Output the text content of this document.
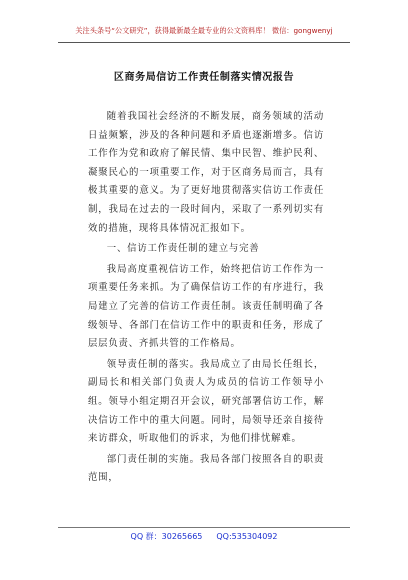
关注头条号“公文研究”，获得最新最全最专业的公文资料库！ 微信：gongwenyj
区商务局信访工作责任制落实情况报告

随着我国社会经济的不断发展，商务领域的活动日益频繁，涉及的各种问题和矛盾也逐渐增多。信访工作作为党和政府了解民情、集中民智、维护民利、凝聚民心的一项重要工作，对于区商务局而言，具有极其重要的意义。为了更好地贯彻落实信访工作责任制，我局在过去的一段时间内，采取了一系列切实有效的措施，现将具体情况汇报如下。

一、信访工作责任制的建立与完善

我局高度重视信访工作，始终把信访工作作为一项重要任务来抓。为了确保信访工作的有序进行，我局建立了完善的信访工作责任制。该责任制明确了各级领导、各部门在信访工作中的职责和任务，形成了层层负责、齐抓共管的工作格局。

领导责任制的落实。我局成立了由局长任组长，副局长和相关部门负责人为成员的信访工作领导小组。领导小组定期召开会议，研究部署信访工作，解决信访工作中的重大问题。同时，局领导还亲自接待来访群众，听取他们的诉求，为他们排忧解难。

部门责任制的实施。我局各部门按照各自的职责范围，

QQ 群：30265665 QQ:535304092
